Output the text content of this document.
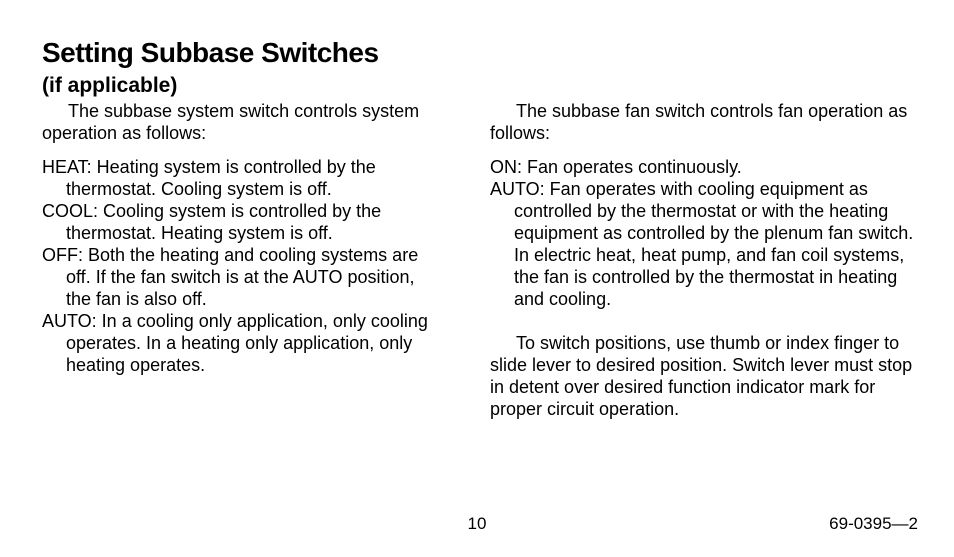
Setting Subbase Switches
(if applicable)

The subbase system switch controls system operation as follows:

HEAT: Heating system is controlled by the thermostat. Cooling system is off.

COOL: Cooling system is controlled by the thermostat. Heating system is off.

OFF: Both the heating and cooling systems are off. If the fan switch is at the AUTO position, the fan is also off.

AUTO: In a cooling only application, only cooling operates. In a heating only application, only heating operates.

The subbase fan switch controls fan operation as follows:

ON: Fan operates continuously.

AUTO: Fan operates with cooling equipment as controlled by the thermostat or with the heating equipment as controlled by the plenum fan switch. In electric heat, heat pump, and fan coil systems, the fan is controlled by the thermostat in heating and cooling.

To switch positions, use thumb or index finger to slide lever to desired position. Switch lever must stop in detent over desired function indicator mark for proper circuit operation.

10	69-0395—2
